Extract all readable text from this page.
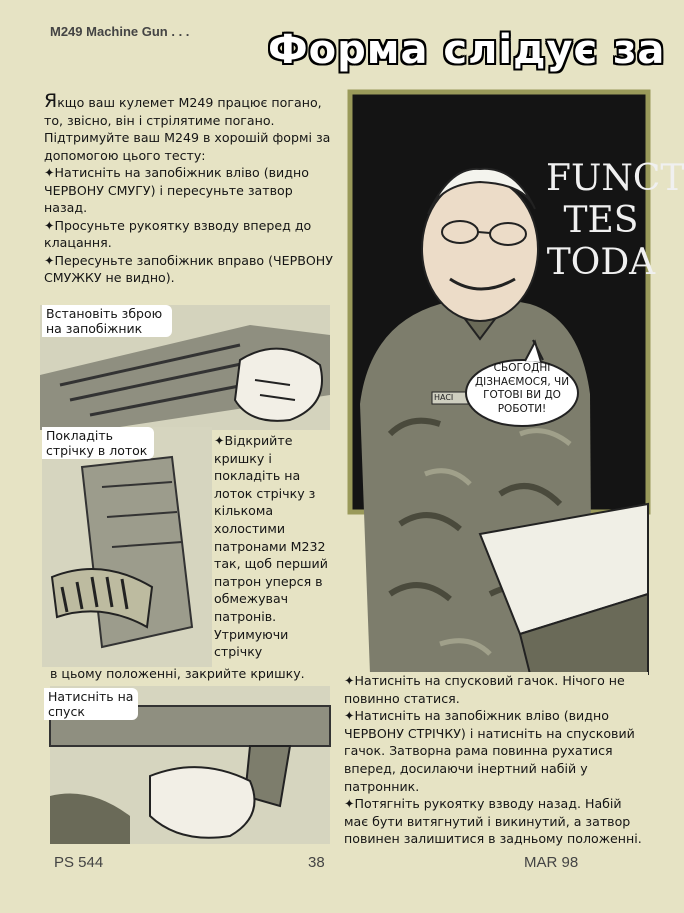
M249 Machine Gun . . .
FUNCT
TES
TODA
HACI
Форма слідує за

Якщо ваш кулемет M249 працює погано, то, звісно, він і стрілятиме погано. Підтримуйте ваш M249 в хорошій формі за допомогою цього тесту:

✦Натисніть на запобіжник вліво (видно ЧЕРВОНУ СМУГУ) і пересуньте затвор назад.

✦Просуньте рукоятку взводу вперед до клацання.

✦Пересуньте запобіжник вправо (ЧЕРВОНУ СМУЖКУ не видно).

Встановіть зброю на запобіжник
Покладіть стрічку в лоток
✦Відкрийте кришку і покладіть на лоток стрічку з кількома холостими патронами M232 так, щоб перший патрон уперся в обмежувач патронів. Утримуючи стрічку
в цьому положенні, закрийте кришку.
Натисніть на спуск
СЬОГОДНІ ДІЗНАЄМОСЯ, ЧИ ГОТОВІ ВИ ДО РОБОТИ!

✦Натисніть на спусковий гачок. Нічого не повинно статися.

✦Натисніть на запобіжник вліво (видно ЧЕРВОНУ СТРІЧКУ) і натисніть на спусковий гачок. Затворна рама повинна рухатися вперед, досилаючи інертний набій у патронник.

✦Потягніть рукоятку взводу назад. Набій має бути витягнутий і викинутий, а затвор повинен залишитися в задньому положенні.

PS 544	38	MAR 98
